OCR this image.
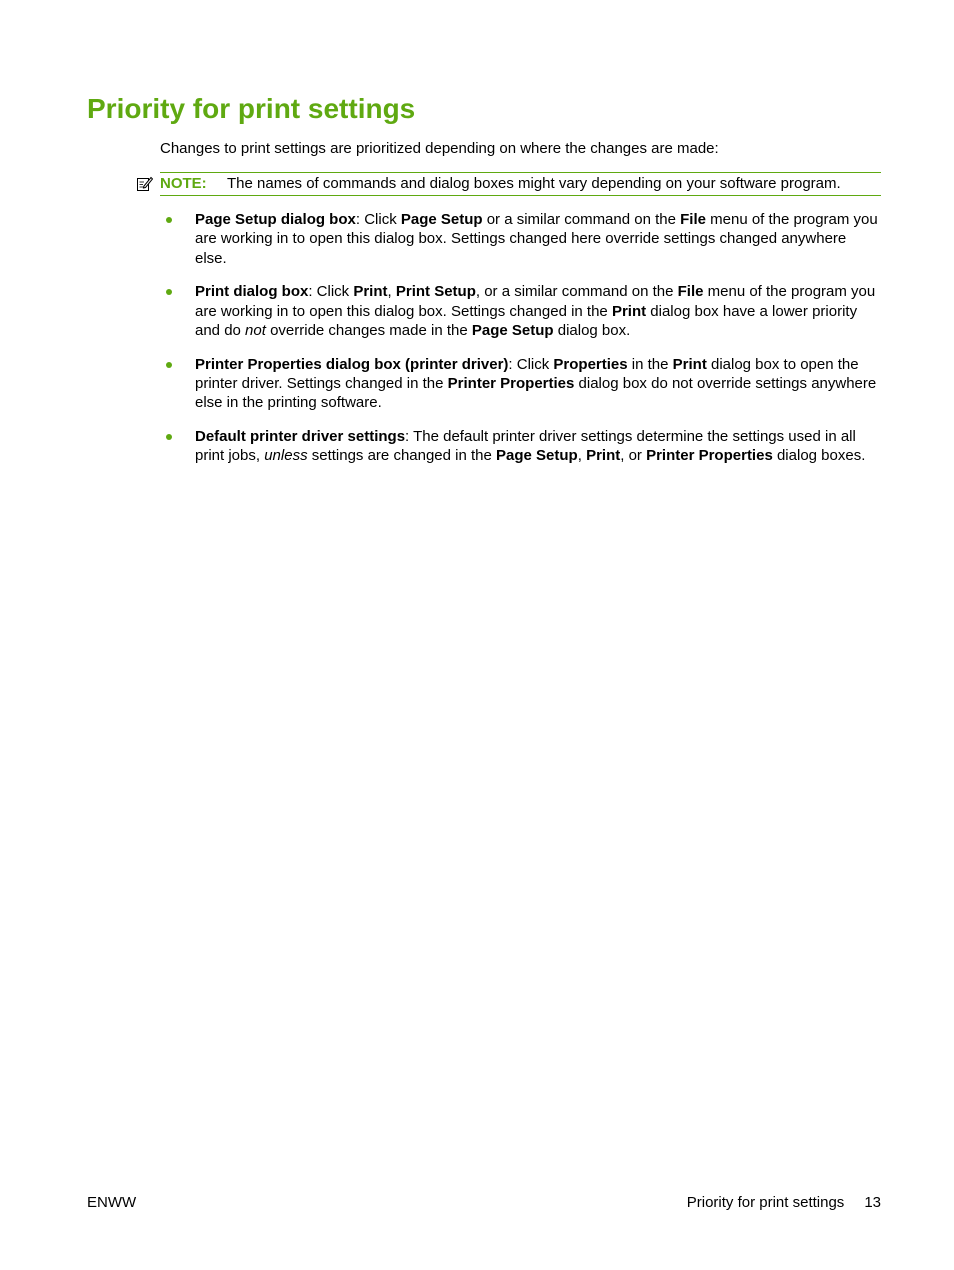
Priority for print settings

Changes to print settings are prioritized depending on where the changes are made:

NOTE: The names of commands and dialog boxes might vary depending on your software program.
Page Setup dialog box: Click Page Setup or a similar command on the File menu of the program you are working in to open this dialog box. Settings changed here override settings changed anywhere else.
Print dialog box: Click Print, Print Setup, or a similar command on the File menu of the program you are working in to open this dialog box. Settings changed in the Print dialog box have a lower priority and do not override changes made in the Page Setup dialog box.
Printer Properties dialog box (printer driver): Click Properties in the Print dialog box to open the printer driver. Settings changed in the Printer Properties dialog box do not override settings anywhere else in the printing software.
Default printer driver settings: The default printer driver settings determine the settings used in all print jobs, unless settings are changed in the Page Setup, Print, or Printer Properties dialog boxes.
ENWW	Priority for print settings 13
